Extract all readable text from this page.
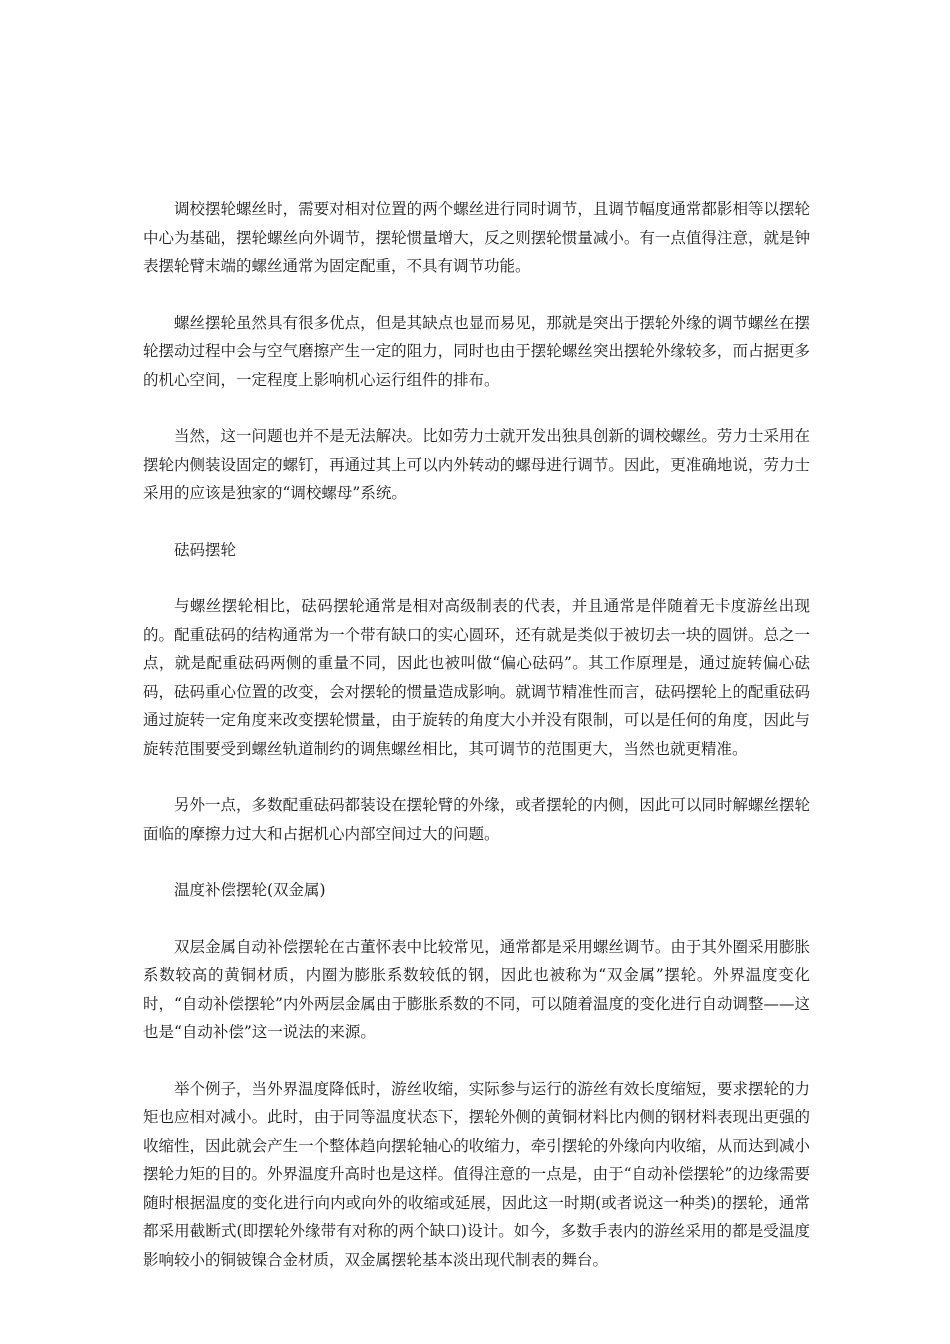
调校摆轮螺丝时，需要对相对位置的两个螺丝进行同时调节，且调节幅度通常都影相等以摆轮中心为基础，摆轮螺丝向外调节，摆轮惯量增大，反之则摆轮惯量减小。有一点值得注意，就是钟表摆轮臂末端的螺丝通常为固定配重，不具有调节功能。

螺丝摆轮虽然具有很多优点，但是其缺点也显而易见，那就是突出于摆轮外缘的调节螺丝在摆轮摆动过程中会与空气磨擦产生一定的阻力，同时也由于摆轮螺丝突出摆轮外缘较多，而占据更多的机心空间，一定程度上影响机心运行组件的排布。

当然，这一问题也并不是无法解决。比如劳力士就开发出独具创新的调校螺丝。劳力士采用在摆轮内侧装设固定的螺钉，再通过其上可以内外转动的螺母进行调节。因此，更准确地说，劳力士采用的应该是独家的“调校螺母”系统。

砝码摆轮

与螺丝摆轮相比，砝码摆轮通常是相对高级制表的代表，并且通常是伴随着无卡度游丝出现的。配重砝码的结构通常为一个带有缺口的实心圆环，还有就是类似于被切去一块的圆饼。总之一点，就是配重砝码两侧的重量不同，因此也被叫做“偏心砝码”。其工作原理是，通过旋转偏心砝码，砝码重心位置的改变，会对摆轮的惯量造成影响。就调节精准性而言，砝码摆轮上的配重砝码通过旋转一定角度来改变摆轮惯量，由于旋转的角度大小并没有限制，可以是任何的角度，因此与旋转范围要受到螺丝轨道制约的调焦螺丝相比，其可调节的范围更大，当然也就更精准。

另外一点，多数配重砝码都装设在摆轮臂的外缘，或者摆轮的内侧，因此可以同时解螺丝摆轮面临的摩擦力过大和占据机心内部空间过大的问题。

温度补偿摆轮(双金属)

双层金属自动补偿摆轮在古董怀表中比较常见，通常都是采用螺丝调节。由于其外圈采用膨胀系数较高的黄铜材质，内圈为膨胀系数较低的钢，因此也被称为“双金属”摆轮。外界温度变化时，“自动补偿摆轮”内外两层金属由于膨胀系数的不同，可以随着温度的变化进行自动调整——这也是“自动补偿”这一说法的来源。

举个例子，当外界温度降低时，游丝收缩，实际参与运行的游丝有效长度缩短，要求摆轮的力矩也应相对减小。此时，由于同等温度状态下，摆轮外侧的黄铜材料比内侧的钢材料表现出更强的收缩性，因此就会产生一个整体趋向摆轮轴心的收缩力，牵引摆轮的外缘向内收缩，从而达到减小摆轮力矩的目的。外界温度升高时也是这样。值得注意的一点是，由于“自动补偿摆轮”的边缘需要随时根据温度的变化进行向内或向外的收缩或延展，因此这一时期(或者说这一种类)的摆轮，通常都采用截断式(即摆轮外缘带有对称的两个缺口)设计。如今，多数手表内的游丝采用的都是受温度影响较小的铜铍镍合金材质，双金属摆轮基本淡出现代制表的舞台。
